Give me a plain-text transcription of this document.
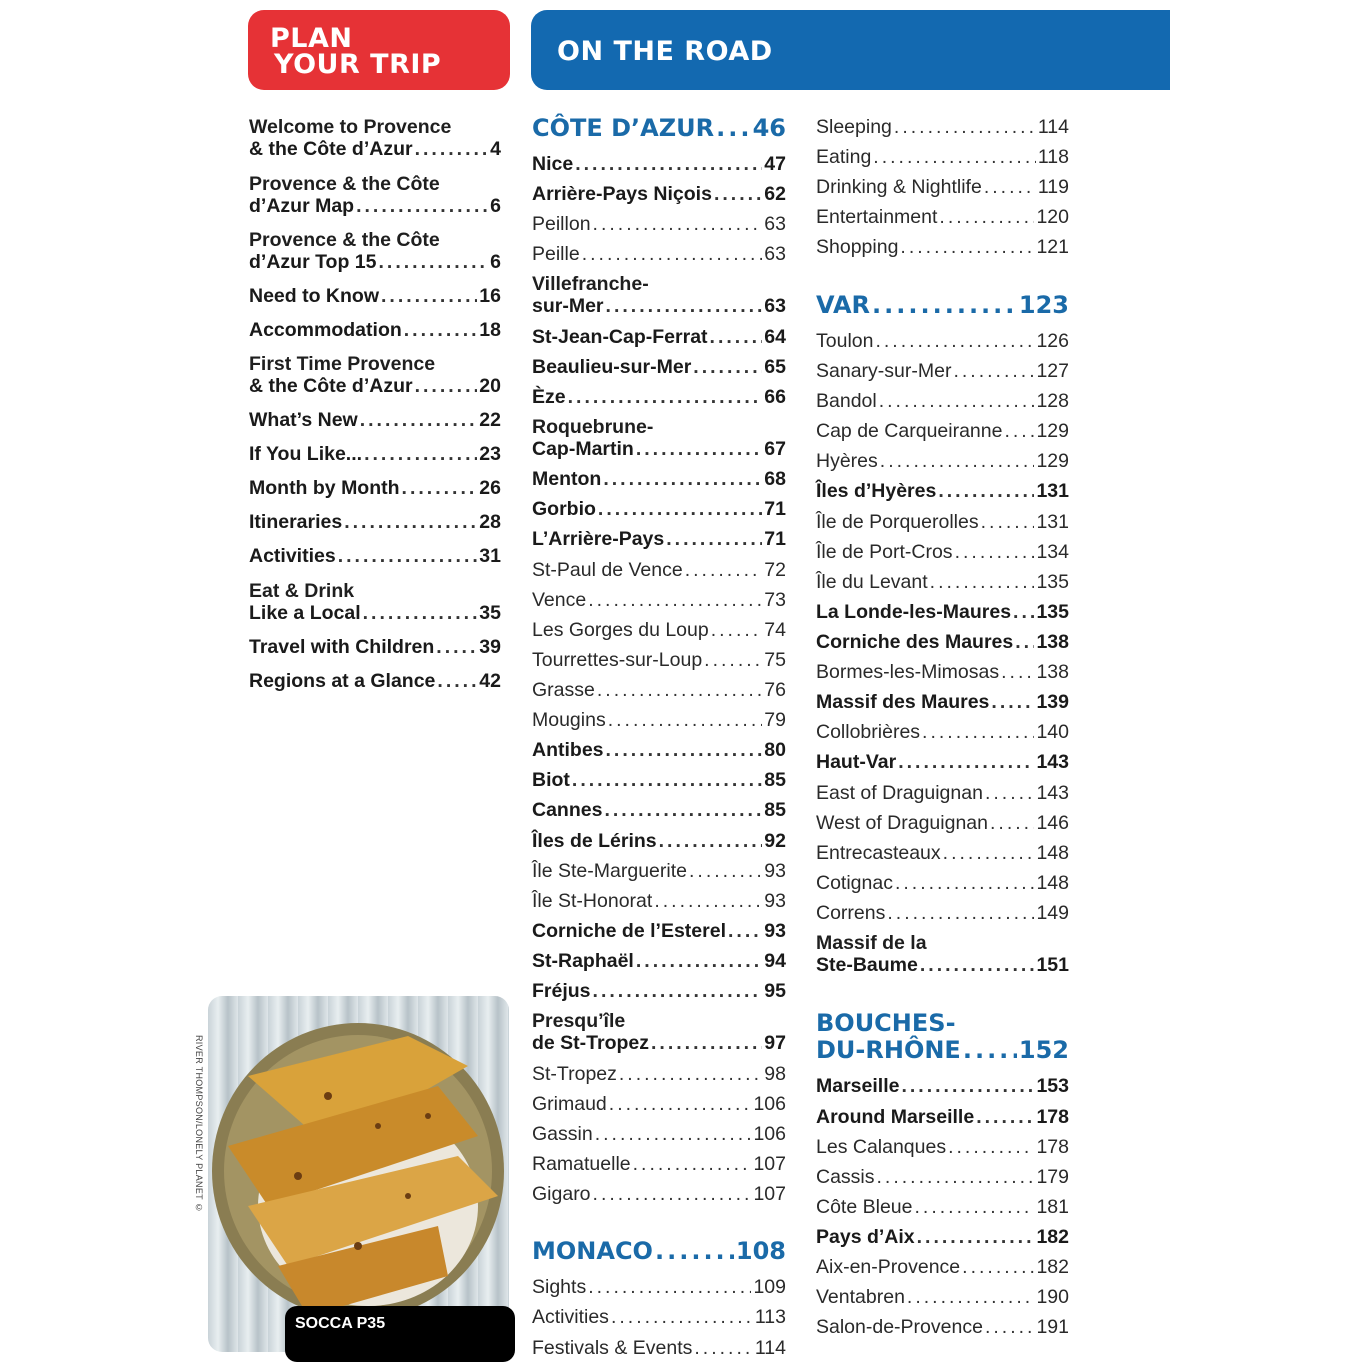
PLAN
YOUR TRIP	ON THE ROAD
Welcome to Provence
& the Côte d’Azur .....	4
Provence & the Côte
d’Azur Map .....	6
Provence & the Côte
d’Azur Top 15 .....	6
Need to Know .....	16
Accommodation .....	18
First Time Provence
& the Côte d’Azur .....	20
What’s New .....	22
If You Like... .....	23
Month by Month .....	26
Itineraries .....	28
Activities .....	31
Eat & Drink
Like a Local .....	35
Travel with Children ..... 39
Regions at a Glance ..... 42
CÔTE D’AZUR ..... 46
Nice .....	47
Arrière-Pays Niçois .....	62
Peillon .....	63
Peille .....	63
Villefranche-
sur-Mer .....	63
St-Jean-Cap-Ferrat .....	64
Beaulieu-sur-Mer .....	65
Èze .....	66
Roquebrune-
Cap-Martin .....	67
Menton .....	68
Gorbio .....	71
L’Arrière-Pays .....	71
St-Paul de Vence .....	72
Vence .....	73
Les Gorges du Loup .....	74
Tourrettes-sur-Loup .....	75
Grasse .....	76
Mougins .....	79
Antibes .....	80
Biot .....	85
Cannes .....	85
Îles de Lérins .....	92
Île Ste-Marguerite .....	93
Île St-Honorat .....	93
Corniche de l’Esterel ..... 93
St-Raphaël .....	94
Fréjus .....	95
Presqu’île
de St-Tropez .....	97
St-Tropez .....	98
Grimaud .....	106
Gassin .....	106
Ramatuelle .....	107
Gigaro .....	107
MONACO .....	108
Sights .....	109
Activities .....	113
Festivals & Events .....	114
Sleeping .....	114
Eating .....	118
Drinking & Nightlife .....	119
Entertainment .....	120
Shopping .....	121
VAR .....	123
Toulon .....	126
Sanary-sur-Mer .....	127
Bandol .....	128
Cap de Carqueiranne ..... 129
Hyères .....	129
Îles d’Hyères .....	131
Île de Porquerolles .....	131
Île de Port-Cros .....	134
Île du Levant .....	135
La Londe-les-Maures ..... 135
Corniche des Maures ..... 138
Bormes-les-Mimosas ..... 138
Massif des Maures ..... 139
Collobrières .....	140
Haut-Var .....	143
East of Draguignan .....	143
West of Draguignan ..... 146
Entrecasteaux .....	148
Cotignac .....	148
Correns .....	149
Massif de la
Ste-Baume .....	151
BOUCHES-
DU-RHÔNE ..... 152
Marseille .....	153
Around Marseille .....	178
Les Calanques .....	178
Cassis .....	179
Côte Bleue .....	181
Pays d’Aix .....	182
Aix-en-Provence .....	182
Ventabren .....	190
Salon-de-Provence .....	191
RIVER THOMPSON/LONELY PLANET ©
SOCCA P35
